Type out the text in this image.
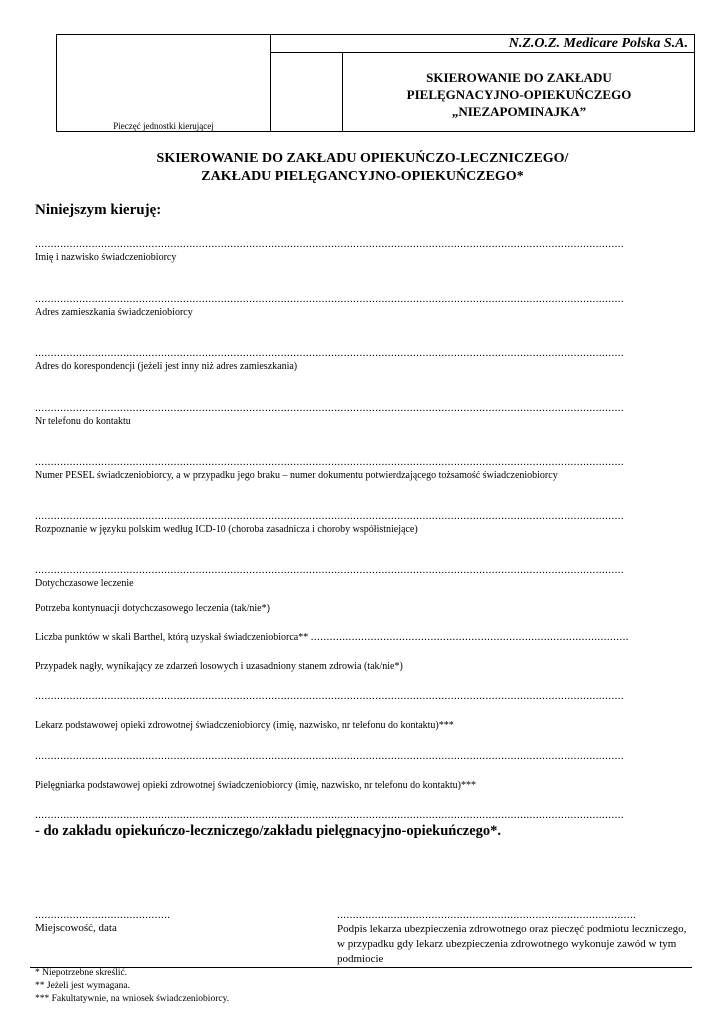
N.Z.O.Z. Medicare Polska S.A.
SKIEROWANIE DO ZAKŁADU
PIELĘGNACYJNO-OPIEKUŃCZEGO
„NIEZAPOMINAJKA”
Pieczęć jednostki kierującej
SKIEROWANIE DO ZAKŁADU OPIEKUŃCZO-LECZNICZEGO/
ZAKŁADU PIELĘGANCYJNO-OPIEKUŃCZEGO*
Niniejszym kieruję:
...........................................................................................................................................................................................
Imię i nazwisko świadczeniobiorcy
...........................................................................................................................................................................................
Adres zamieszkania świadczeniobiorcy
...........................................................................................................................................................................................
Adres do korespondencji (jeżeli jest inny niż adres zamieszkania)
...........................................................................................................................................................................................
Nr telefonu do kontaktu
...........................................................................................................................................................................................
Numer PESEL świadczeniobiorcy, a w przypadku jego braku – numer dokumentu potwierdzającego tożsamość świadczeniobiorcy
...........................................................................................................................................................................................
Rozpoznanie w języku polskim według ICD-10 (choroba zasadnicza i choroby współistniejące)
...........................................................................................................................................................................................
Dotychczasowe leczenie
Potrzeba kontynuacji dotychczasowego leczenia (tak/nie*)
Liczba punktów w skali Barthel, którą uzyskał świadczeniobiorca** .....................................................................................................
Przypadek nagły, wynikający ze zdarzeń losowych i uzasadniony stanem zdrowia (tak/nie*)
...........................................................................................................................................................................................
Lekarz podstawowej opieki zdrowotnej świadczeniobiorcy (imię, nazwisko, nr telefonu do kontaktu)***
...........................................................................................................................................................................................
Pielęgniarka podstawowej opieki zdrowotnej świadczeniobiorcy (imię, nazwisko, nr telefonu do kontaktu)***
...........................................................................................................................................................................................
- do zakładu opiekuńczo-leczniczego/zakładu pielęgnacyjno-opiekuńczego*.
...........................................	...............................................................................................
Miejscowość, data	Podpis lekarza ubezpieczenia zdrowotnego oraz pieczęć podmiotu leczniczego, w przypadku gdy lekarz ubezpieczenia zdrowotnego wykonuje zawód w tym podmiocie
* Niepotrzebne skreślić.
** Jeżeli jest wymagana.
*** Fakultatywnie, na wniosek świadczeniobiorcy.
